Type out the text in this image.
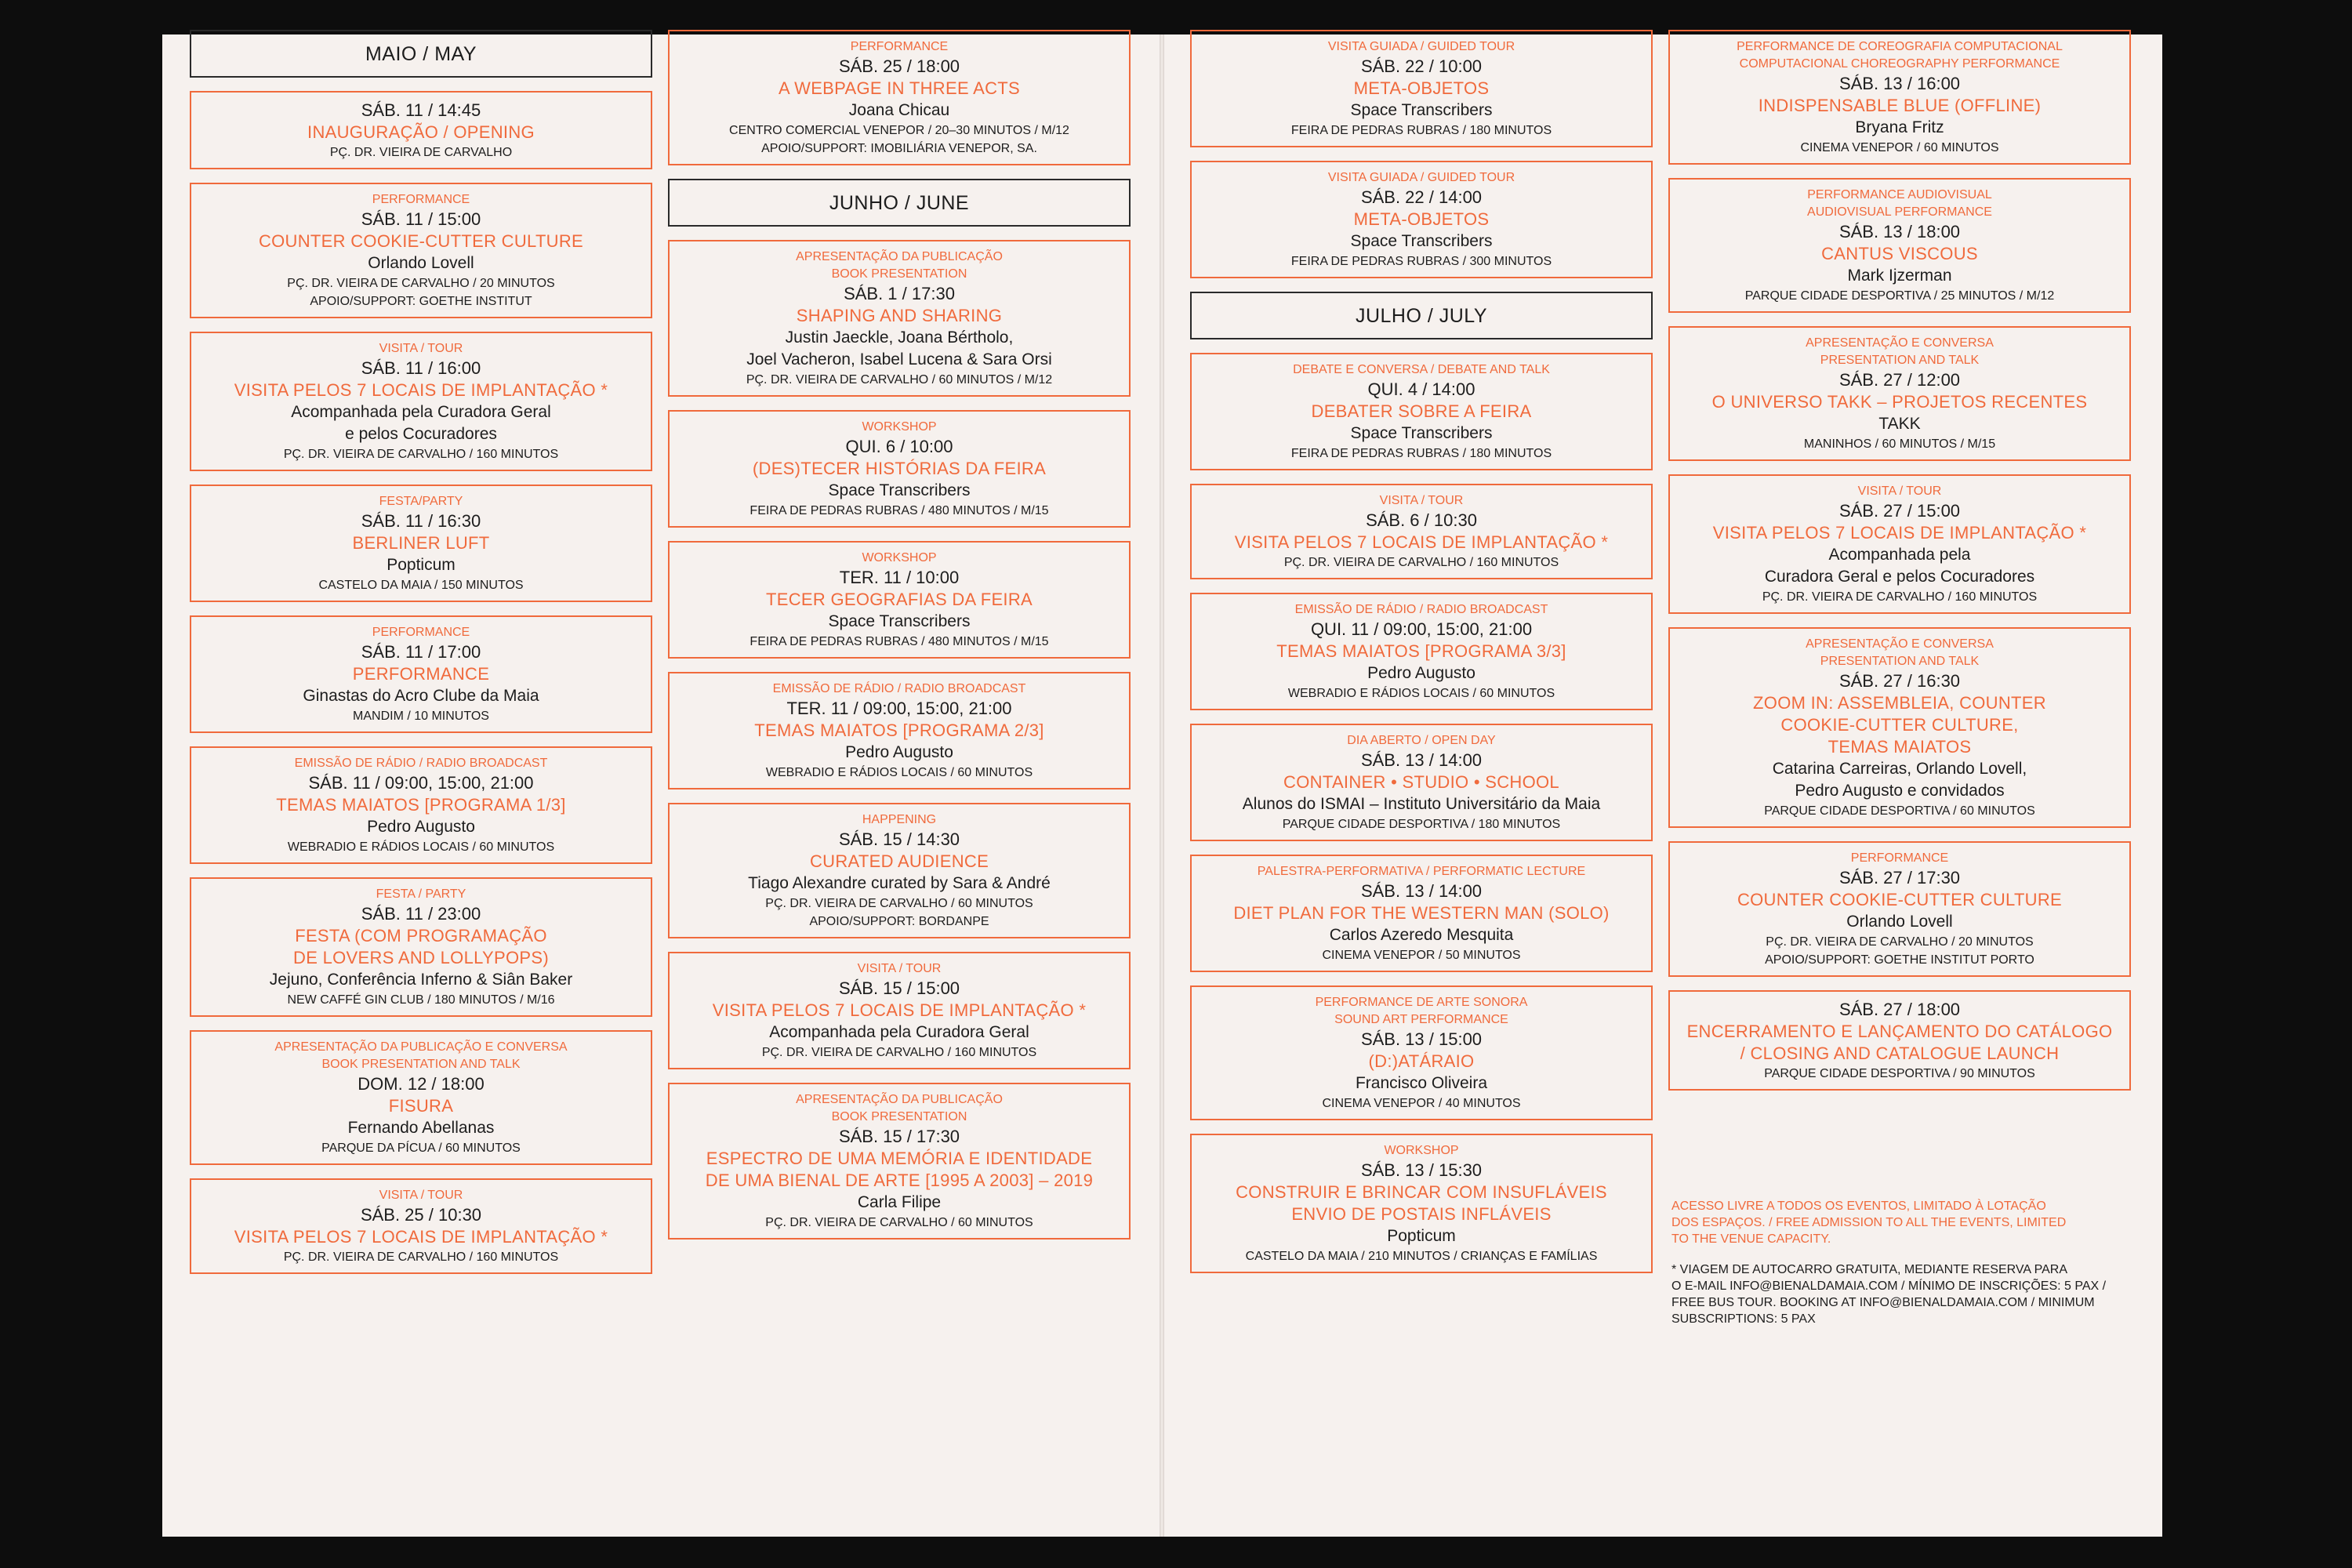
MAIO / MAY
SÁB. 11 / 14:45
INAUGURAÇÃO / OPENING
PÇ. DR. VIEIRA DE CARVALHO
PERFORMANCE
SÁB. 11 / 15:00
COUNTER COOKIE-CUTTER CULTURE
Orlando Lovell
PÇ. DR. VIEIRA DE CARVALHO / 20 MINUTOS
APOIO/SUPPORT: GOETHE INSTITUT
VISITA / TOUR
SÁB. 11 / 16:00
VISITA PELOS 7 LOCAIS DE IMPLANTAÇÃO *
Acompanhada pela Curadora Geral
e pelos Cocuradores
PÇ. DR. VIEIRA DE CARVALHO / 160 MINUTOS
FESTA/PARTY
SÁB. 11 / 16:30
BERLINER LUFT
Popticum
CASTELO DA MAIA / 150 MINUTOS
PERFORMANCE
SÁB. 11 / 17:00
PERFORMANCE
Ginastas do Acro Clube da Maia
MANDIM / 10 MINUTOS
EMISSÃO DE RÁDIO / RADIO BROADCAST
SÁB. 11 / 09:00, 15:00, 21:00
TEMAS MAIATOS [PROGRAMA 1/3]
Pedro Augusto
WEBRADIO E RÁDIOS LOCAIS / 60 MINUTOS
FESTA / PARTY
SÁB. 11 / 23:00
FESTA (COM PROGRAMAÇÃO
DE LOVERS AND LOLLYPOPS)
Jejuno, Conferência Inferno & Siân Baker
NEW CAFFÉ GIN CLUB / 180 MINUTOS / M/16
APRESENTAÇÃO DA PUBLICAÇÃO E CONVERSA
BOOK PRESENTATION AND TALK
DOM. 12 / 18:00
FISURA
Fernando Abellanas
PARQUE DA PÍCUA / 60 MINUTOS
VISITA / TOUR
SÁB. 25 / 10:30
VISITA PELOS 7 LOCAIS DE IMPLANTAÇÃO *
PÇ. DR. VIEIRA DE CARVALHO / 160 MINUTOS
PERFORMANCE
SÁB. 25 / 18:00
A WEBPAGE IN THREE ACTS
Joana Chicau
CENTRO COMERCIAL VENEPOR / 20–30 MINUTOS / M/12
APOIO/SUPPORT: IMOBILIÁRIA VENEPOR, SA.
JUNHO / JUNE
APRESENTAÇÃO DA PUBLICAÇÃO
BOOK PRESENTATION
SÁB. 1 / 17:30
SHAPING AND SHARING
Justin Jaeckle, Joana Bértholo,
Joel Vacheron, Isabel Lucena & Sara Orsi
PÇ. DR. VIEIRA DE CARVALHO / 60 MINUTOS / M/12
WORKSHOP
QUI. 6 / 10:00
(DES)TECER HISTÓRIAS DA FEIRA
Space Transcribers
FEIRA DE PEDRAS RUBRAS / 480 MINUTOS / M/15
WORKSHOP
TER. 11 / 10:00
TECER GEOGRAFIAS DA FEIRA
Space Transcribers
FEIRA DE PEDRAS RUBRAS / 480 MINUTOS / M/15
EMISSÃO DE RÁDIO / RADIO BROADCAST
TER. 11 / 09:00, 15:00, 21:00
TEMAS MAIATOS [PROGRAMA 2/3]
Pedro Augusto
WEBRADIO E RÁDIOS LOCAIS / 60 MINUTOS
HAPPENING
SÁB. 15 / 14:30
CURATED AUDIENCE
Tiago Alexandre curated by Sara & André
PÇ. DR. VIEIRA DE CARVALHO / 60 MINUTOS
APOIO/SUPPORT: BORDANPE
VISITA / TOUR
SÁB. 15 / 15:00
VISITA PELOS 7 LOCAIS DE IMPLANTAÇÃO *
Acompanhada pela Curadora Geral
PÇ. DR. VIEIRA DE CARVALHO / 160 MINUTOS
APRESENTAÇÃO DA PUBLICAÇÃO
BOOK PRESENTATION
SÁB. 15 / 17:30
ESPECTRO DE UMA MEMÓRIA E IDENTIDADE
DE UMA BIENAL DE ARTE [1995 A 2003] – 2019
Carla Filipe
PÇ. DR. VIEIRA DE CARVALHO / 60 MINUTOS
VISITA GUIADA / GUIDED TOUR
SÁB. 22 / 10:00
META-OBJETOS
Space Transcribers
FEIRA DE PEDRAS RUBRAS / 180 MINUTOS
VISITA GUIADA / GUIDED TOUR
SÁB. 22 / 14:00
META-OBJETOS
Space Transcribers
FEIRA DE PEDRAS RUBRAS / 300 MINUTOS
JULHO / JULY
DEBATE E CONVERSA / DEBATE AND TALK
QUI. 4 / 14:00
DEBATER SOBRE A FEIRA
Space Transcribers
FEIRA DE PEDRAS RUBRAS / 180 MINUTOS
VISITA / TOUR
SÁB. 6 / 10:30
VISITA PELOS 7 LOCAIS DE IMPLANTAÇÃO *
PÇ. DR. VIEIRA DE CARVALHO / 160 MINUTOS
EMISSÃO DE RÁDIO / RADIO BROADCAST
QUI. 11 / 09:00, 15:00, 21:00
TEMAS MAIATOS [PROGRAMA 3/3]
Pedro Augusto
WEBRADIO E RÁDIOS LOCAIS / 60 MINUTOS
DIA ABERTO / OPEN DAY
SÁB. 13 / 14:00
CONTAINER • STUDIO • SCHOOL
Alunos do ISMAI – Instituto Universitário da Maia
PARQUE CIDADE DESPORTIVA / 180 MINUTOS
PALESTRA-PERFORMATIVA / PERFORMATIC LECTURE
SÁB. 13 / 14:00
DIET PLAN FOR THE WESTERN MAN (SOLO)
Carlos Azeredo Mesquita
CINEMA VENEPOR / 50 MINUTOS
PERFORMANCE DE ARTE SONORA
SOUND ART PERFORMANCE
SÁB. 13 / 15:00
(D:)ATÁRAIO
Francisco Oliveira
CINEMA VENEPOR / 40 MINUTOS
WORKSHOP
SÁB. 13 / 15:30
CONSTRUIR E BRINCAR COM INSUFLÁVEIS
ENVIO DE POSTAIS INFLÁVEIS
Popticum
CASTELO DA MAIA / 210 MINUTOS / CRIANÇAS E FAMÍLIAS
PERFORMANCE DE COREOGRAFIA COMPUTACIONAL
COMPUTACIONAL CHOREOGRAPHY PERFORMANCE
SÁB. 13 / 16:00
INDISPENSABLE BLUE (OFFLINE)
Bryana Fritz
CINEMA VENEPOR / 60 MINUTOS
PERFORMANCE AUDIOVISUAL
AUDIOVISUAL PERFORMANCE
SÁB. 13 / 18:00
CANTUS VISCOUS
Mark Ijzerman
PARQUE CIDADE DESPORTIVA / 25 MINUTOS / M/12
APRESENTAÇÃO E CONVERSA
PRESENTATION AND TALK
SÁB. 27 / 12:00
O UNIVERSO TAKK – PROJETOS RECENTES
TAKK
MANINHOS / 60 MINUTOS / M/15
VISITA / TOUR
SÁB. 27 / 15:00
VISITA PELOS 7 LOCAIS DE IMPLANTAÇÃO *
Acompanhada pela
Curadora Geral e pelos Cocuradores
PÇ. DR. VIEIRA DE CARVALHO / 160 MINUTOS
APRESENTAÇÃO E CONVERSA
PRESENTATION AND TALK
SÁB. 27 / 16:30
ZOOM IN: ASSEMBLEIA, COUNTER
COOKIE-CUTTER CULTURE,
TEMAS MAIATOS
Catarina Carreiras, Orlando Lovell,
Pedro Augusto e convidados
PARQUE CIDADE DESPORTIVA / 60 MINUTOS
PERFORMANCE
SÁB. 27 / 17:30
COUNTER COOKIE-CUTTER CULTURE
Orlando Lovell
PÇ. DR. VIEIRA DE CARVALHO / 20 MINUTOS
APOIO/SUPPORT: GOETHE INSTITUT PORTO
SÁB. 27 / 18:00
ENCERRAMENTO E LANÇAMENTO DO CATÁLOGO
/ CLOSING AND CATALOGUE LAUNCH
PARQUE CIDADE DESPORTIVA / 90 MINUTOS
ACESSO LIVRE A TODOS OS EVENTOS, LIMITADO À LOTAÇÃO
DOS ESPAÇOS. / FREE ADMISSION TO ALL THE EVENTS, LIMITED
TO THE VENUE CAPACITY.
* VIAGEM DE AUTOCARRO GRATUITA, MEDIANTE RESERVA PARA
O E-MAIL INFO@BIENALDAMAIA.COM / MÍNIMO DE INSCRIÇÕES: 5 PAX /
FREE BUS TOUR. BOOKING AT INFO@BIENALDAMAIA.COM / MINIMUM
SUBSCRIPTIONS: 5 PAX
